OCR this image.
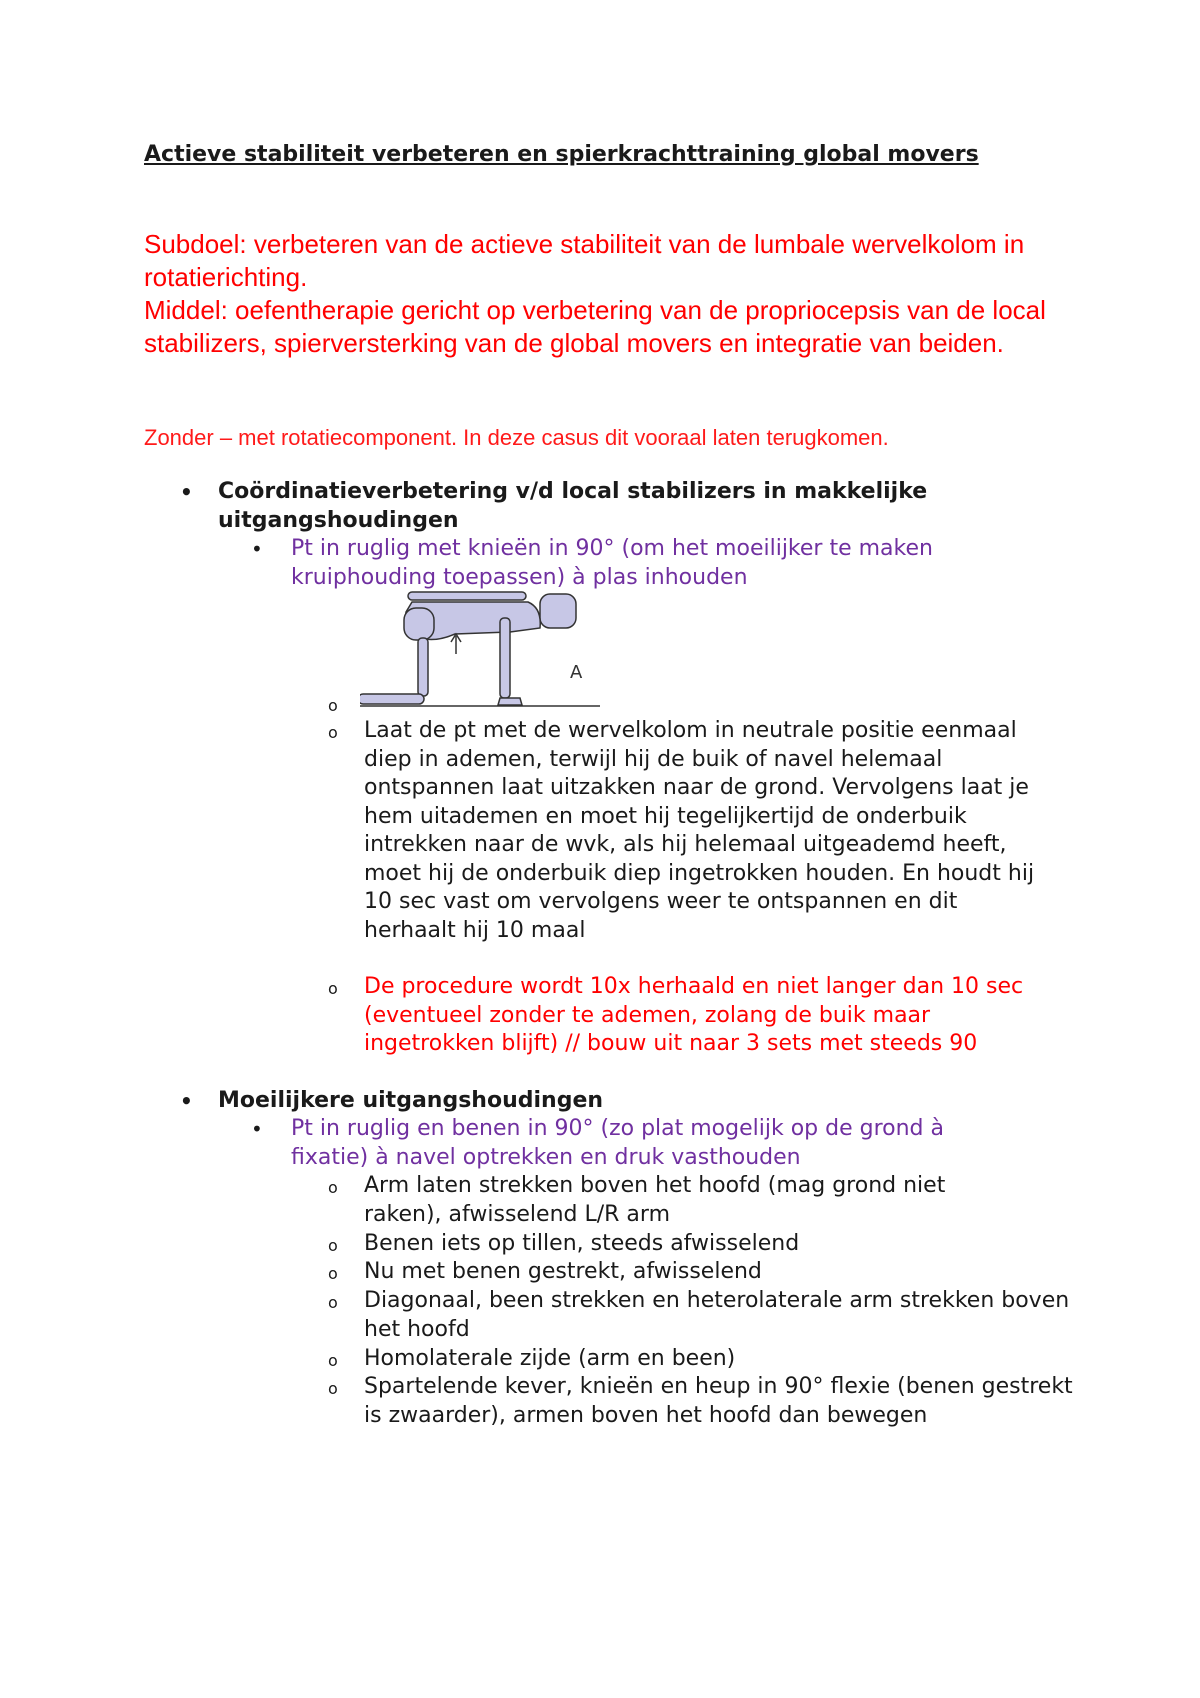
Actieve stabiliteit verbeteren en spierkrachttraining global movers

Subdoel: verbeteren van de actieve stabiliteit van de lumbale wervelkolom in rotatierichting.

Middel: oefentherapie gericht op verbetering van de propriocepsis van de local stabilizers, spierversterking van de global movers en integratie van beiden.

Zonder – met rotatiecomponent. In deze casus dit vooraal laten terugkomen.

• Coördinatieverbetering v/d local stabilizers in makkelijke uitgangshoudingen
• Pt in ruglig met knieën in 90° (om het moeilijker te maken kruiphouding toepassen) à plas inhouden
o
A
o Laat de pt met de wervelkolom in neutrale positie eenmaal diep in ademen, terwijl hij de buik of navel helemaal ontspannen laat uitzakken naar de grond. Vervolgens laat je hem uitademen en moet hij tegelijkertijd de onderbuik intrekken naar de wvk, als hij helemaal uitgeademd heeft, moet hij de onderbuik diep ingetrokken houden. En houdt hij 10 sec vast om vervolgens weer te ontspannen en dit herhaalt hij 10 maal
o De procedure wordt 10x herhaald en niet langer dan 10 sec (eventueel zonder te ademen, zolang de buik maar ingetrokken blijft) // bouw uit naar 3 sets met steeds 90
• Moeilijkere uitgangshoudingen
• Pt in ruglig en benen in 90° (zo plat mogelijk op de grond à fixatie) à navel optrekken en druk vasthouden
o Arm laten strekken boven het hoofd (mag grond niet raken), afwisselend L/R arm
o Benen iets op tillen, steeds afwisselend
o Nu met benen gestrekt, afwisselend
o Diagonaal, been strekken en heterolaterale arm strekken boven het hoofd
o Homolaterale zijde (arm en been)
o Spartelende kever, knieën en heup in 90° flexie (benen gestrekt is zwaarder), armen boven het hoofd dan bewegen
